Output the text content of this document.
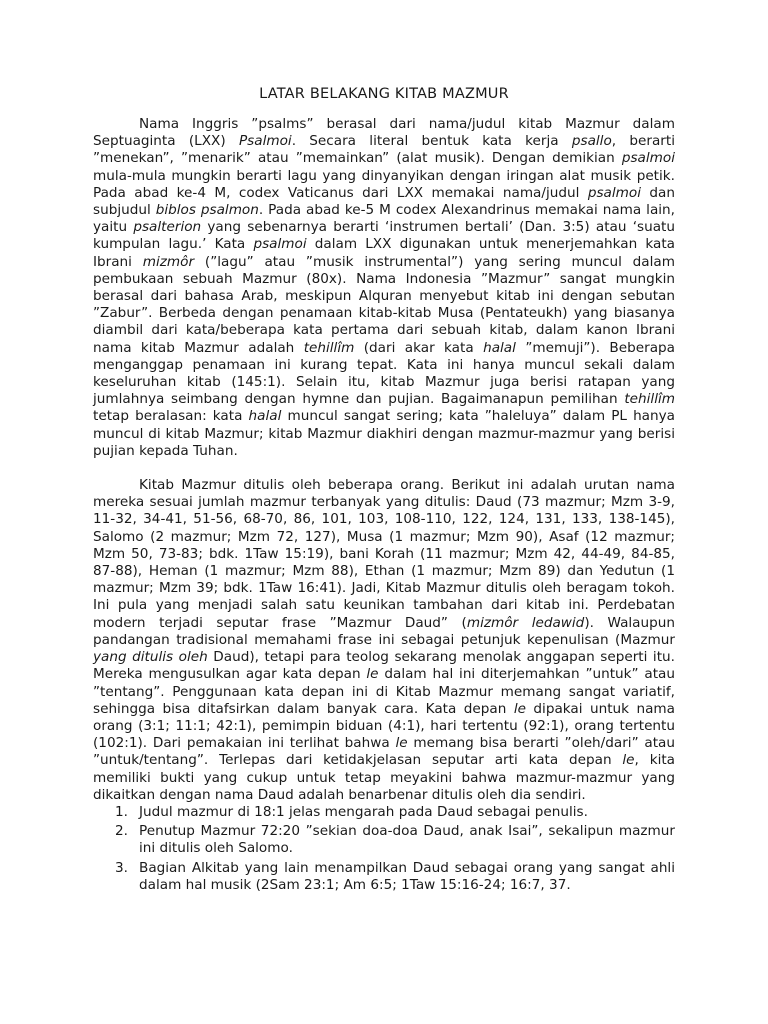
LATAR BELAKANG KITAB MAZMUR

Nama Inggris ”psalms” berasal dari nama/judul kitab Mazmur dalam Septuaginta (LXX) Psalmoi. Secara literal bentuk kata kerja psallo, berarti ”menekan”, ”menarik” atau ”memainkan” (alat musik). Dengan demikian psalmoi mula-mula mungkin berarti lagu yang dinyanyikan dengan iringan alat musik petik. Pada abad ke-4 M, codex Vaticanus dari LXX memakai nama/judul psalmoi dan subjudul biblos psalmon. Pada abad ke-5 M codex Alexandrinus memakai nama lain, yaitu psalterion yang sebenarnya berarti ‘instrumen bertali’ (Dan. 3:5) atau ‘suatu kumpulan lagu.’ Kata psalmoi dalam LXX digunakan untuk menerjemahkan kata Ibrani mizmôr (”lagu” atau ”musik instrumental”) yang sering muncul dalam pembukaan sebuah Mazmur (80x). Nama Indonesia ”Mazmur” sangat mungkin berasal dari bahasa Arab, meskipun Alquran menyebut kitab ini dengan sebutan ”Zabur”. Berbeda dengan penamaan kitab-kitab Musa (Pentateukh) yang biasanya diambil dari kata/beberapa kata pertama dari sebuah kitab, dalam kanon Ibrani nama kitab Mazmur adalah tehillîm (dari akar kata halal ”memuji”). Beberapa menganggap penamaan ini kurang tepat. Kata ini hanya muncul sekali dalam keseluruhan kitab (145:1). Selain itu, kitab Mazmur juga berisi ratapan yang jumlahnya seimbang dengan hymne dan pujian. Bagaimanapun pemilihan tehillîm tetap beralasan: kata halal muncul sangat sering; kata ”haleluya” dalam PL hanya muncul di kitab Mazmur; kitab Mazmur diakhiri dengan mazmur-mazmur yang berisi pujian kepada Tuhan.

Kitab Mazmur ditulis oleh beberapa orang. Berikut ini adalah urutan nama mereka sesuai jumlah mazmur terbanyak yang ditulis: Daud (73 mazmur; Mzm 3-9, 11-32, 34-41, 51-56, 68-70, 86, 101, 103, 108-110, 122, 124, 131, 133, 138-145), Salomo (2 mazmur; Mzm 72, 127), Musa (1 mazmur; Mzm 90), Asaf (12 mazmur; Mzm 50, 73-83; bdk. 1Taw 15:19), bani Korah (11 mazmur; Mzm 42, 44-49, 84-85, 87-88), Heman (1 mazmur; Mzm 88), Ethan (1 mazmur; Mzm 89) dan Yedutun (1 mazmur; Mzm 39; bdk. 1Taw 16:41). Jadi, Kitab Mazmur ditulis oleh beragam tokoh. Ini pula yang menjadi salah satu keunikan tambahan dari kitab ini. Perdebatan modern terjadi seputar frase ”Mazmur Daud” (mizmôr ledawid). Walaupun pandangan tradisional memahami frase ini sebagai petunjuk kepenulisan (Mazmur yang ditulis oleh Daud), tetapi para teolog sekarang menolak anggapan seperti itu. Mereka mengusulkan agar kata depan le dalam hal ini diterjemahkan ”untuk” atau ”tentang”. Penggunaan kata depan ini di Kitab Mazmur memang sangat variatif, sehingga bisa ditafsirkan dalam banyak cara. Kata depan le dipakai untuk nama orang (3:1; 11:1; 42:1), pemimpin biduan (4:1), hari tertentu (92:1), orang tertentu (102:1). Dari pemakaian ini terlihat bahwa le memang bisa berarti ”oleh/dari” atau ”untuk/tentang”. Terlepas dari ketidakjelasan seputar arti kata depan le, kita memiliki bukti yang cukup untuk tetap meyakini bahwa mazmur-mazmur yang dikaitkan dengan nama Daud adalah benarbenar ditulis oleh dia sendiri.

1. Judul mazmur di 18:1 jelas mengarah pada Daud sebagai penulis.
2. Penutup Mazmur 72:20 ”sekian doa-doa Daud, anak Isai”, sekalipun mazmur ini ditulis oleh Salomo.
3. Bagian Alkitab yang lain menampilkan Daud sebagai orang yang sangat ahli dalam hal musik (2Sam 23:1; Am 6:5; 1Taw 15:16-24; 16:7, 37.
